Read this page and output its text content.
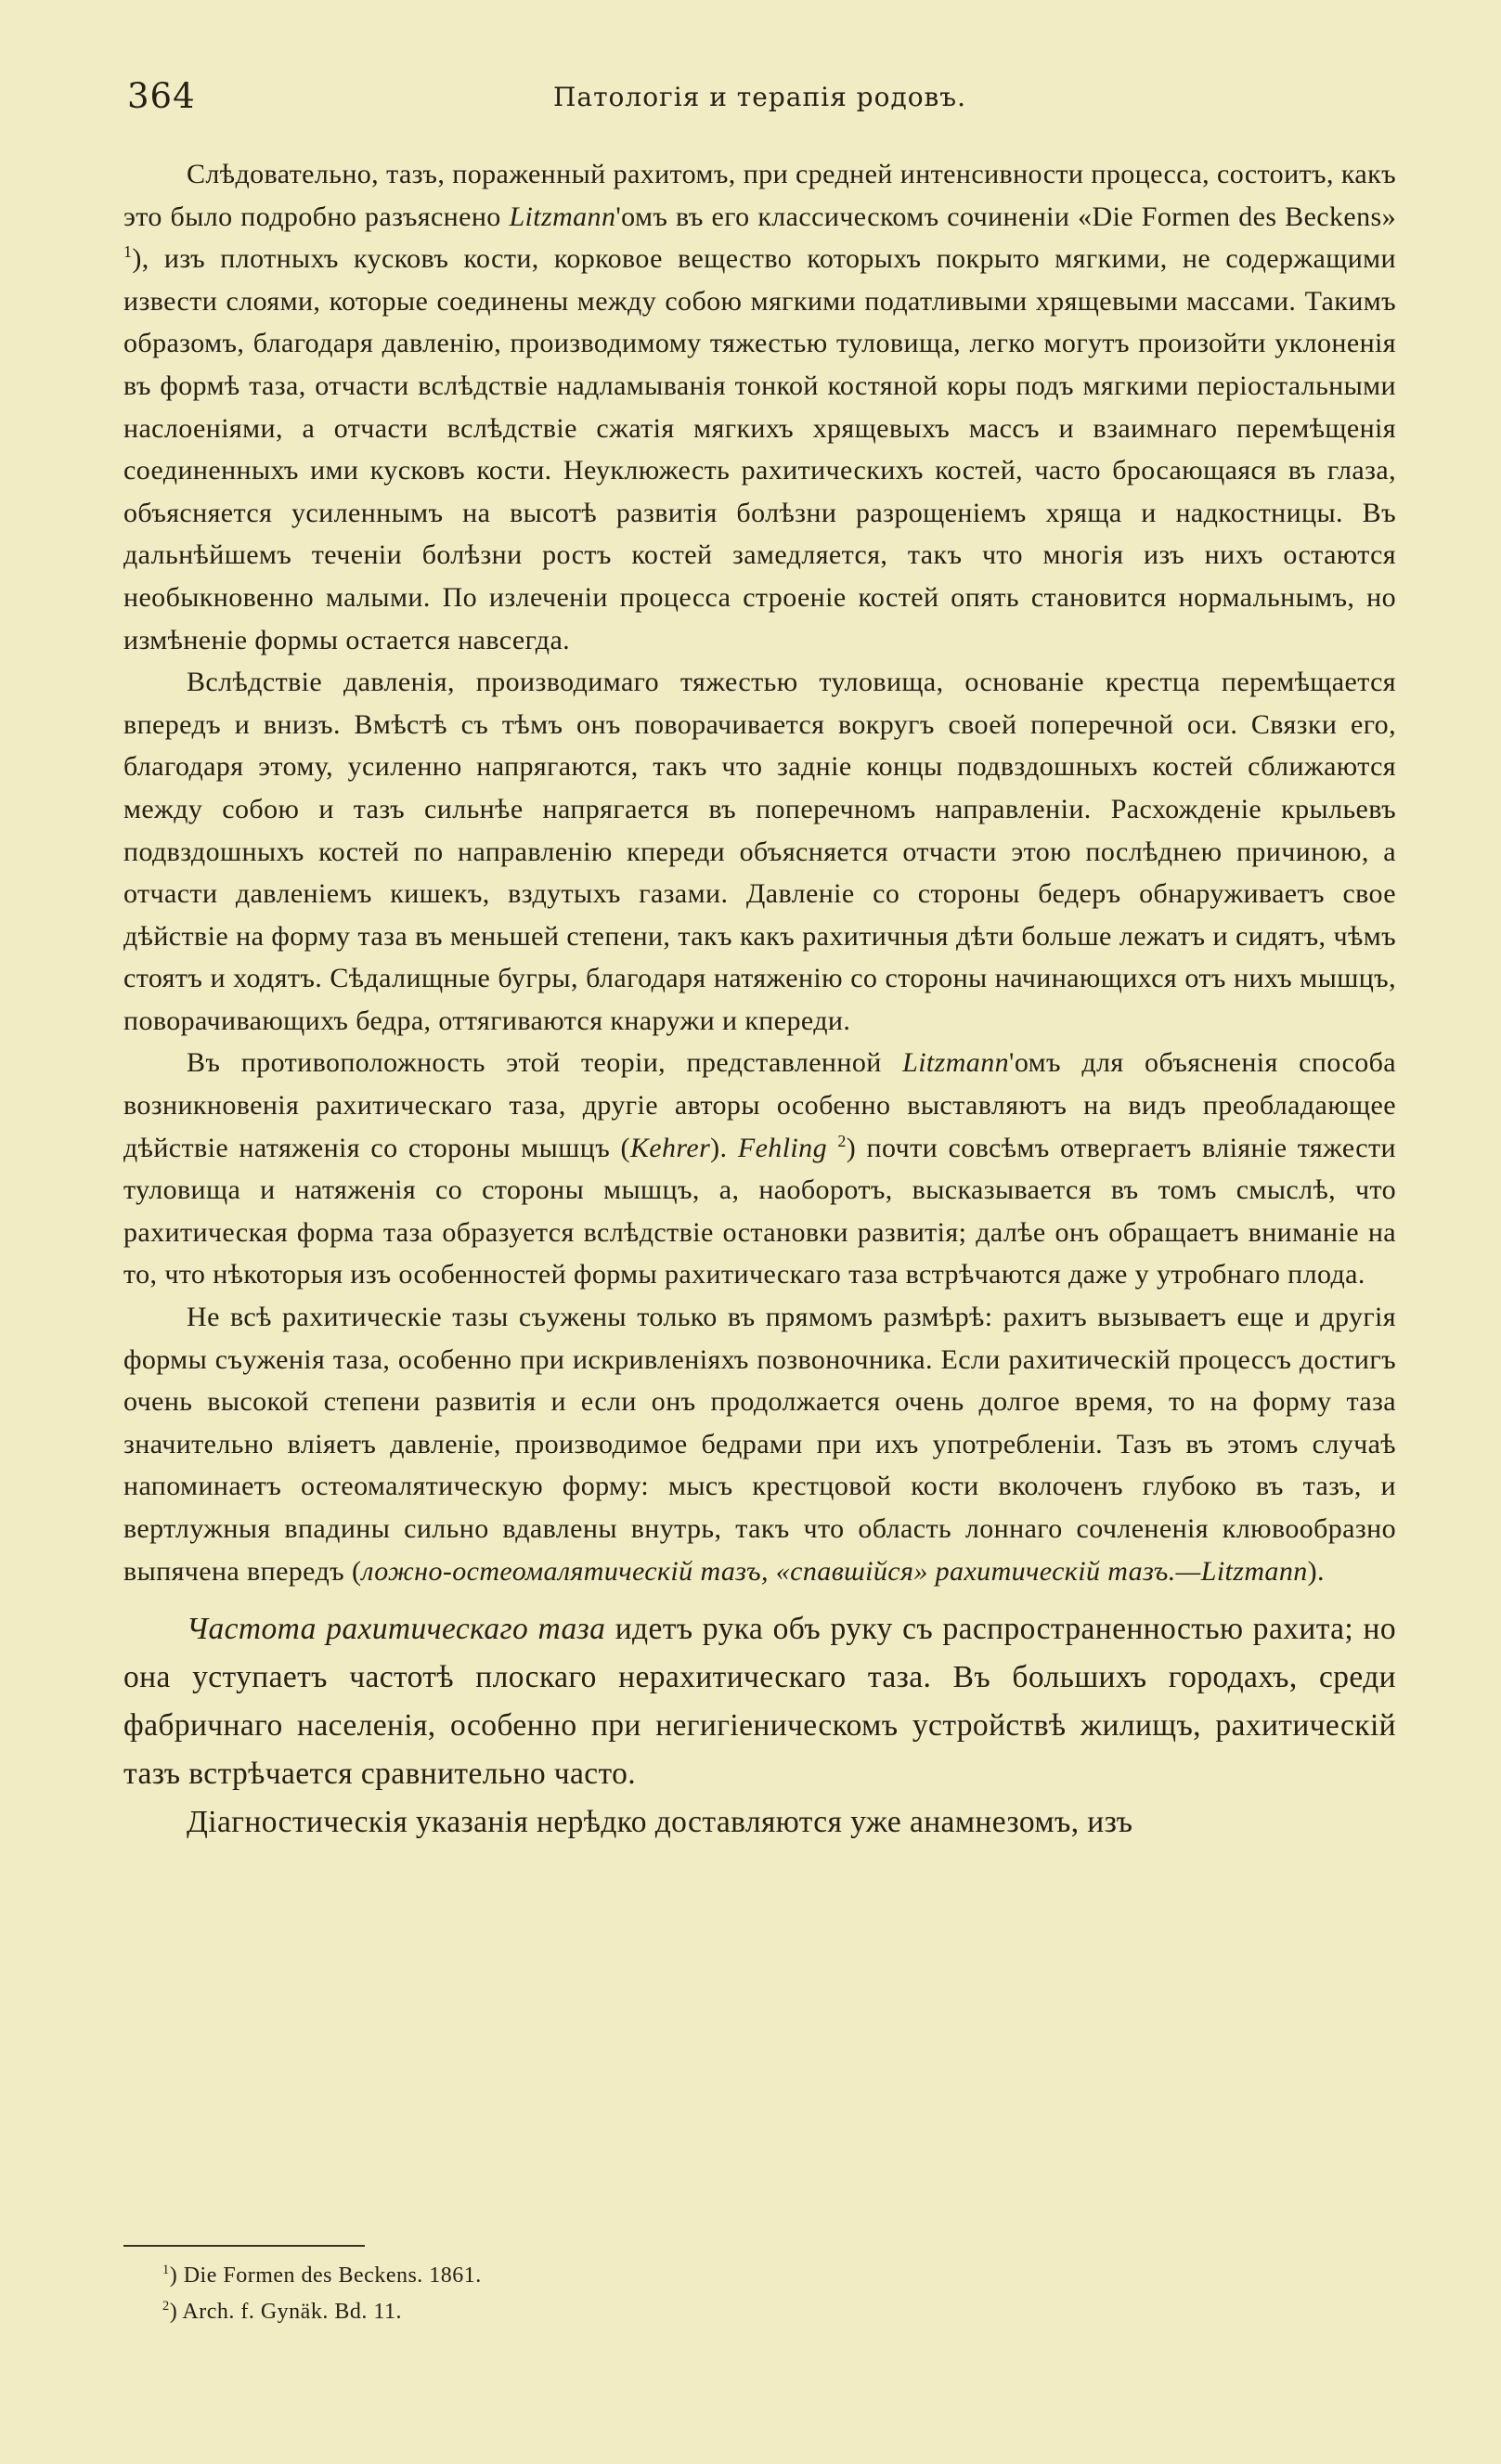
364	Патологія и терапія родовъ.

Слѣдовательно, тазъ, пораженный рахитомъ, при средней интенсивности процесса, состоитъ, какъ это было подробно разъяснено Litzmann'омъ въ его классическомъ сочиненіи «Die Formen des Beckens» $^1$), изъ плотныхъ кусковъ кости, корковое вещество которыхъ покрыто мягкими, не содержащими извести слоями, которые соединены между собою мягкими податливыми хрящевыми массами. Такимъ образомъ, благодаря давленію, производимому тяжестью туловища, легко могутъ произойти уклоненія въ формѣ таза, отчасти вслѣдствіе надламыванія тонкой костяной коры подъ мягкими періостальными наслоеніями, а отчасти вслѣдствіе сжатія мягкихъ хрящевыхъ массъ и взаимнаго перемѣщенія соединенныхъ ими кусковъ кости. Неуклюжесть рахитическихъ костей, часто бросающаяся въ глаза, объясняется усиленнымъ на высотѣ развитія болѣзни разрощеніемъ хряща и надкостницы. Въ дальнѣйшемъ теченіи болѣзни ростъ костей замедляется, такъ что многія изъ нихъ остаются необыкновенно малыми. По излеченіи процесса строеніе костей опять становится нормальнымъ, но измѣненіе формы остается навсегда.

Вслѣдствіе давленія, производимаго тяжестью туловища, основаніе крестца перемѣщается впередъ и внизъ. Вмѣстѣ съ тѣмъ онъ поворачивается вокругъ своей поперечной оси. Связки его, благодаря этому, усиленно напрягаются, такъ что задніе концы подвздошныхъ костей сближаются между собою и тазъ сильнѣе напрягается въ поперечномъ направленіи. Расхожденіе крыльевъ подвздошныхъ костей по направленію кпереди объясняется отчасти этою послѣднею причиною, а отчасти давленіемъ кишекъ, вздутыхъ газами. Давленіе со стороны бедеръ обнаруживаетъ свое дѣйствіе на форму таза въ меньшей степени, такъ какъ рахитичныя дѣти больше лежатъ и сидятъ, чѣмъ стоятъ и ходятъ. Сѣдалищные бугры, благодаря натяженію со стороны начинающихся отъ нихъ мышцъ, поворачивающихъ бедра, оттягиваются кнаружи и кпереди.

Въ противоположность этой теоріи, представленной Litzmann'омъ для объясненія способа возникновенія рахитическаго таза, другіе авторы особенно выставляютъ на видъ преобладающее дѣйствіе натяженія со стороны мышцъ (Kehrer). Fehling $^2$) почти совсѣмъ отвергаетъ вліяніе тяжести туловища и натяженія со стороны мышцъ, а, наоборотъ, высказывается въ томъ смыслѣ, что рахитическая форма таза образуется вслѣдствіе остановки развитія; далѣе онъ обращаетъ вниманіе на то, что нѣкоторыя изъ особенностей формы рахитическаго таза встрѣчаются даже у утробнаго плода.

Не всѣ рахитическіе тазы съужены только въ прямомъ размѣрѣ: рахитъ вызываетъ еще и другія формы съуженія таза, особенно при искривленіяхъ позвоночника. Если рахитическій процессъ достигъ очень высокой степени развитія и если онъ продолжается очень долгое время, то на форму таза значительно вліяетъ давленіе, производимое бедрами при ихъ употребленіи. Тазъ въ этомъ случаѣ напоминаетъ остеомалятическую форму: мысъ крестцовой кости вколоченъ глубоко въ тазъ, и вертлужныя впадины сильно вдавлены внутрь, такъ что область лоннаго сочлененія клювообразно выпячена впередъ (ложно-остеомалятическій тазъ, «спавшійся» рахитическій тазъ.—Litzmann).

Частота рахитическаго таза идетъ рука объ руку съ распространенностью рахита; но она уступаетъ частотѣ плоскаго нерахитическаго таза. Въ большихъ городахъ, среди фабричнаго населенія, особенно при негигіеническомъ устройствѣ жилищъ, рахитическій тазъ встрѣчается сравнительно часто.

Діагностическія указанія нерѣдко доставляются уже анамнезомъ, изъ

$^1$) Die Formen des Beckens. 1861.
$^2$) Arch. f. Gynäk. Bd. 11.
